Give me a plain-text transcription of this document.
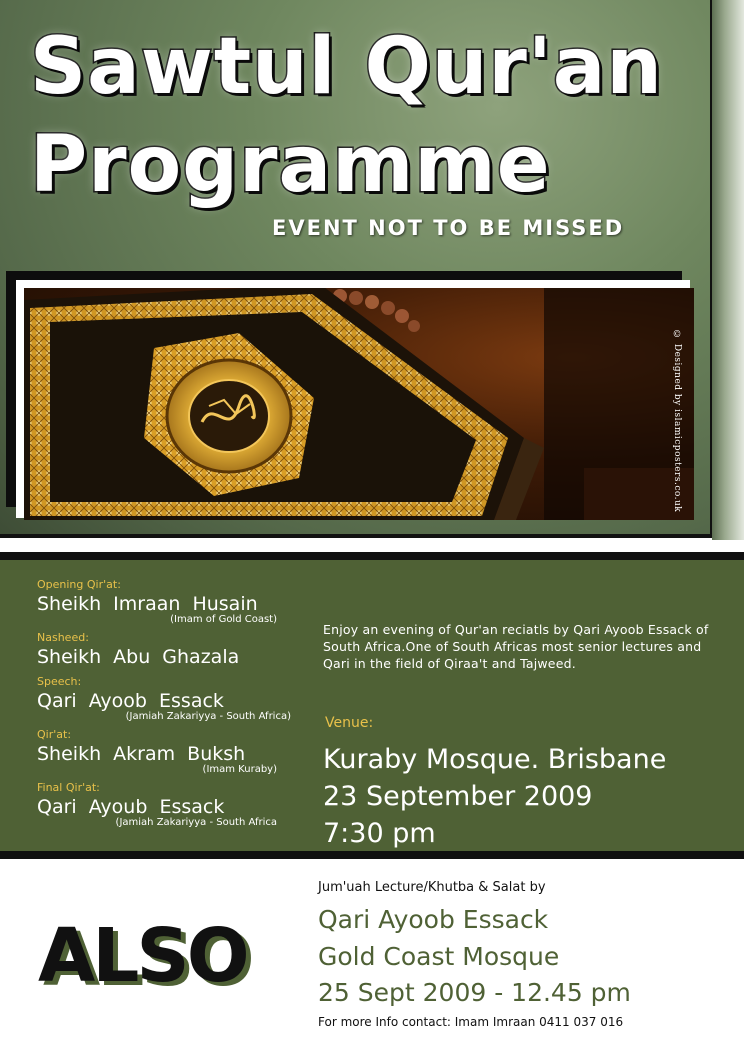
Sawtul Qur'an
Programme

EVENT NOT TO BE MISSED

© Designed by islamicposters.co.uk

Opening Qir'at:

Sheikh Imraan Husain

(Imam of Gold Coast)

Nasheed:

Sheikh Abu Ghazala

Speech:

Qari Ayoob Essack

(Jamiah Zakariyya - South Africa)

Qir'at:

Sheikh Akram Buksh

(Imam Kuraby)

Final Qir'at:

Qari Ayoub Essack

(Jamiah Zakariyya - South Africa

Enjoy an evening of Qur'an reciatls by Qari Ayoob Essack of South Africa.One of South Africas most senior lectures and Qari in the field of Qiraa't and Tajweed.

Venue:

Kuraby Mosque. Brisbane

23 September 2009

7:30 pm

ALSO

Jum'uah Lecture/Khutba & Salat by

Qari Ayoob Essack

Gold Coast Mosque

25 Sept 2009 - 12.45 pm

For more Info contact: Imam Imraan 0411 037 016
